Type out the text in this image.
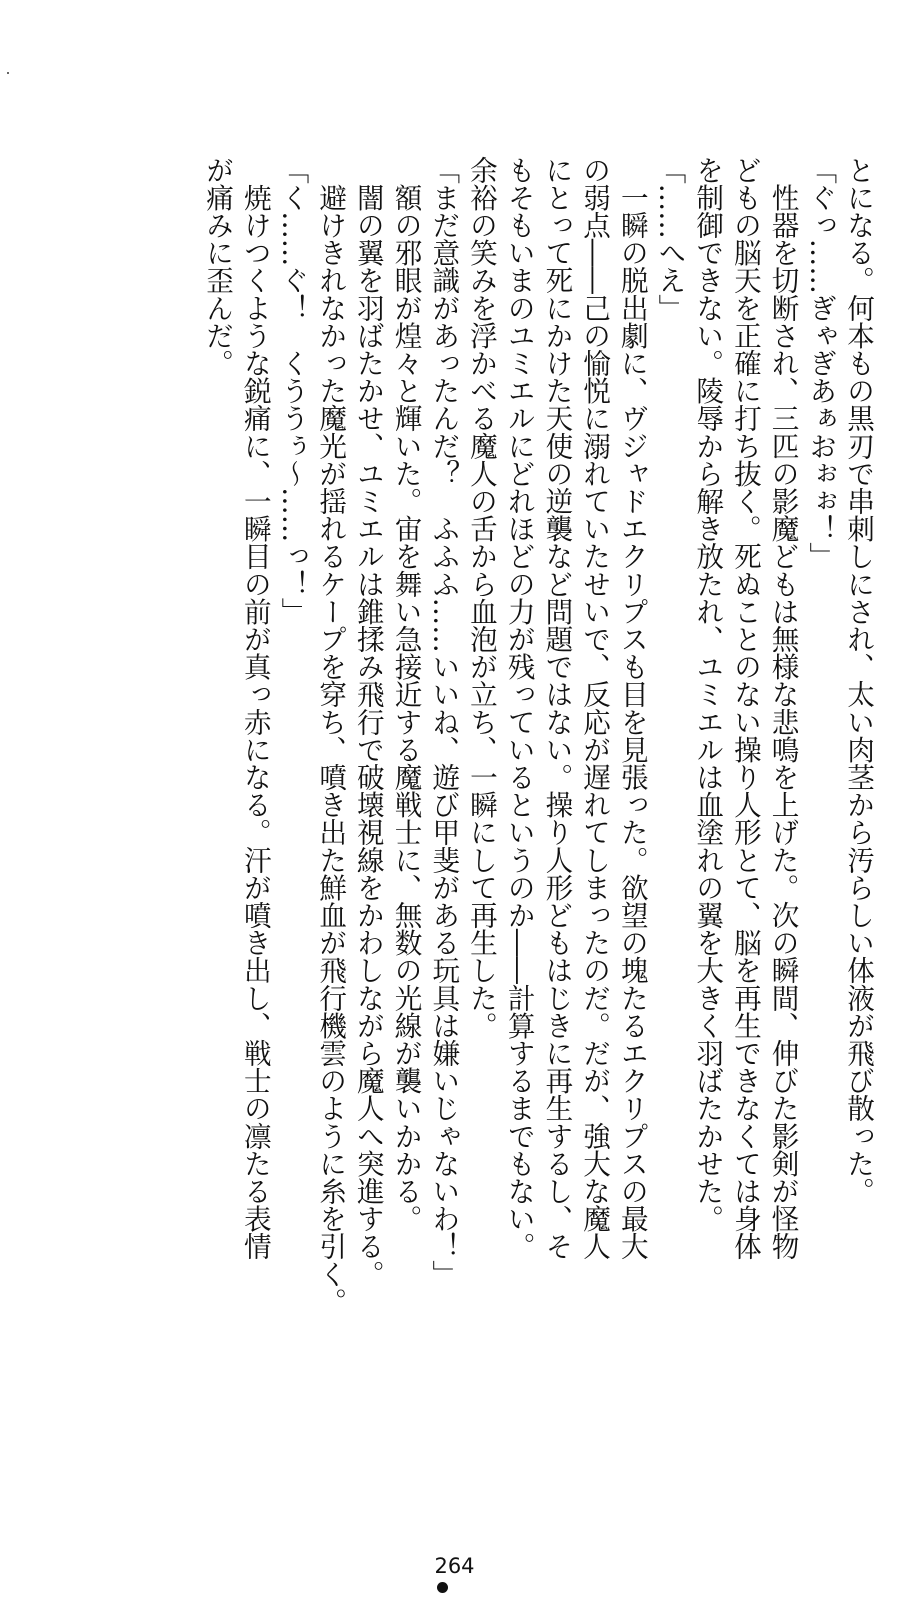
とになる。何本もの黒刃で串刺しにされ、太い肉茎から汚らしい体液が飛び散った。
「ぐっ……ぎゃぎあぁおぉぉ！」
　性器を切断され、三匹の影魔どもは無様な悲鳴を上げた。次の瞬間、伸びた影剣が怪物
どもの脳天を正確に打ち抜く。死ぬことのない操り人形とて、脳を再生できなくては身体
を制御できない。陵辱から解き放たれ、ユミエルは血塗れの翼を大きく羽ばたかせた。
「……へえ」
　一瞬の脱出劇に、ヴジャドエクリプスも目を見張った。欲望の塊たるエクリプスの最大
の弱点――己の愉悦に溺れていたせいで、反応が遅れてしまったのだ。だが、強大な魔人
にとって死にかけた天使の逆襲など問題ではない。操り人形どもはじきに再生するし、そ
もそもいまのユミエルにどれほどの力が残っているというのか――計算するまでもない。
余裕の笑みを浮かべる魔人の舌から血泡が立ち、一瞬にして再生した。
「まだ意識があったんだ？　ふふふ……いいね、遊び甲斐がある玩具は嫌いじゃないわ！」
　額の邪眼が煌々と輝いた。宙を舞い急接近する魔戦士に、無数の光線が襲いかかる。
　闇の翼を羽ばたかせ、ユミエルは錐揉み飛行で破壊視線をかわしながら魔人へ突進する。
　避けきれなかった魔光が揺れるケープを穿ち、噴き出た鮮血が飛行機雲のように糸を引く。
「く……ぐ！　くううぅ〜……っ！」
　焼けつくような鋭痛に、一瞬目の前が真っ赤になる。汗が噴き出し、戦士の凛たる表情
が痛みに歪んだ。
264
